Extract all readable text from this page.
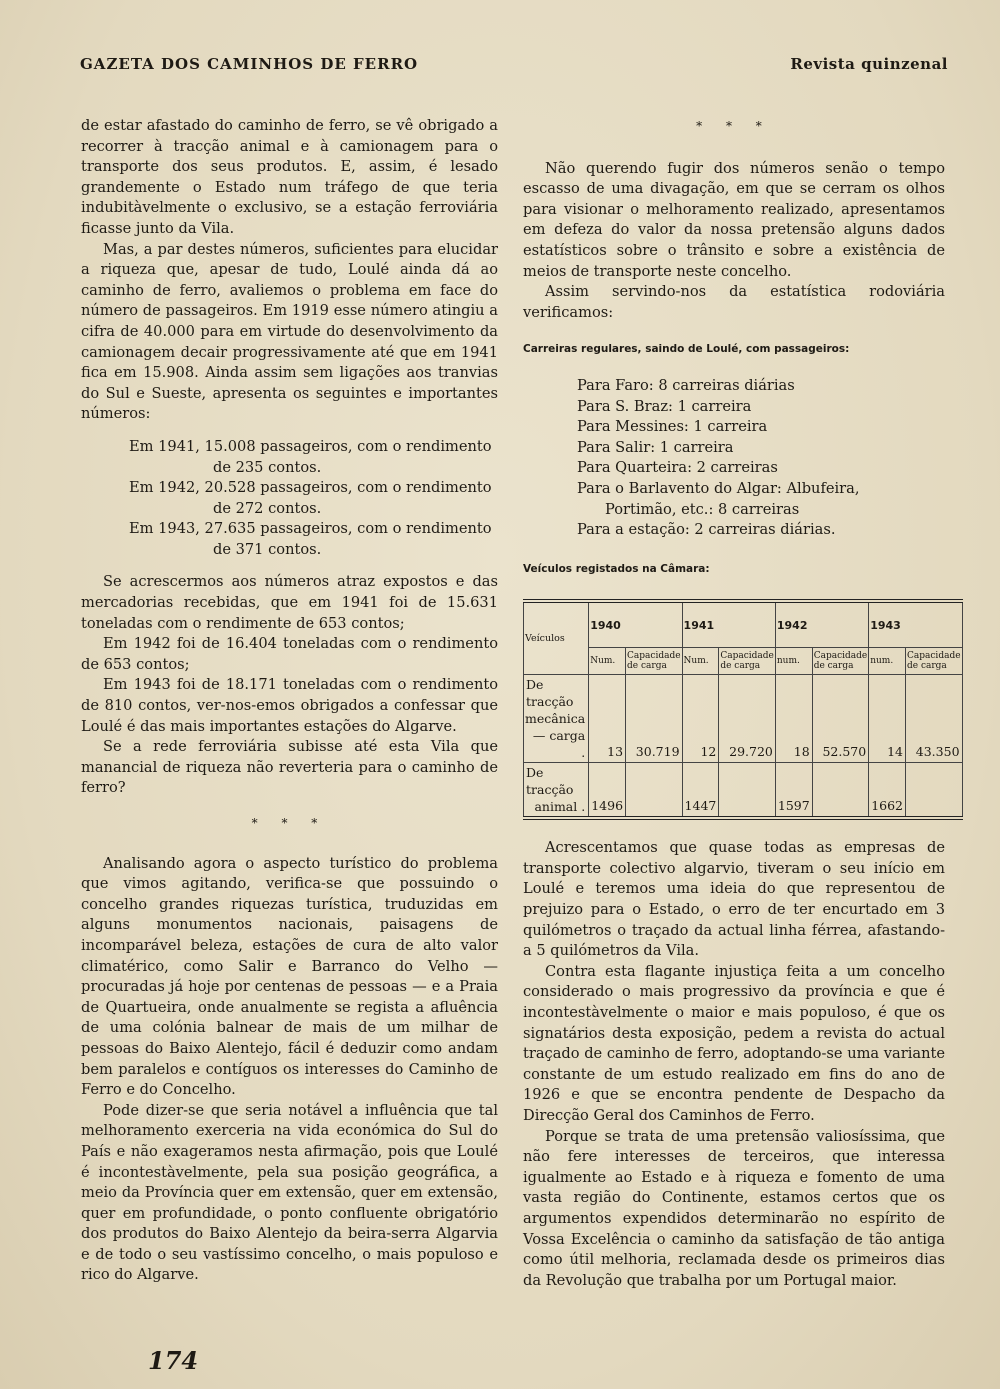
GAZETA DOS CAMINHOS DE FERRO	Revista quinzenal

de estar afastado do caminho de ferro, se vê obrigado a recorrer à tracção animal e à camionagem para o transporte dos seus produtos. E, assim, é lesado grandemente o Estado num tráfego de que teria indubitàvelmente o exclusivo, se a estação ferroviária ficasse junto da Vila.

Mas, a par destes números, suficientes para elucidar a riqueza que, apesar de tudo, Loulé ainda dá ao caminho de ferro, avaliemos o problema em face do número de passageiros. Em 1919 esse número atingiu a cifra de 40.000 para em virtude do desenvolvimento da camionagem decair progressivamente até que em 1941 fica em 15.908. Ainda assim sem ligações aos tranvias do Sul e Sueste, apresenta os seguintes e importantes números:

Em 1941, 15.008 passageiros, com o rendimento
de 235 contos.

Em 1942, 20.528 passageiros, com o rendimento
de 272 contos.

Em 1943, 27.635 passageiros, com o rendimento
de 371 contos.

Se acrescermos aos números atraz expostos e das mercadorias recebidas, que em 1941 foi de 15.631 toneladas com o rendimente de 653 contos;

Em 1942 foi de 16.404 toneladas com o rendimento de 653 contos;

Em 1943 foi de 18.171 toneladas com o rendimento de 810 contos, ver-nos-emos obrigados a confessar que Loulé é das mais importantes estações do Algarve.

Se a rede ferroviária subisse até esta Vila que manancial de riqueza não reverteria para o caminho de ferro?

* * *

Analisando agora o aspecto turístico do problema que vimos agitando, verifica-se que possuindo o concelho grandes riquezas turística, truduzidas em alguns monumentos nacionais, paisagens de incomparável beleza, estações de cura de alto valor climatérico, como Salir e Barranco do Velho — procuradas já hoje por centenas de pessoas — e a Praia de Quartueira, onde anualmente se regista a afluência de uma colónia balnear de mais de um milhar de pessoas do Baixo Alentejo, fácil é deduzir como andam bem paralelos e contíguos os interesses do Caminho de Ferro e do Concelho.

Pode dizer-se que seria notável a influência que tal melhoramento exerceria na vida económica do Sul do País e não exageramos nesta afirmação, pois que Loulé é incontestàvelmente, pela sua posição geográfica, a meio da Província quer em extensão, quer em extensão, quer em profundidade, o ponto confluente obrigatório dos produtos do Baixo Alentejo da beira-serra Algarvia e de todo o seu vastíssimo concelho, o mais populoso e rico do Algarve.

* * *

Não querendo fugir dos números senão o tempo escasso de uma divagação, em que se cerram os olhos para visionar o melhoramento realizado, apresentamos em defeza do valor da nossa pretensão alguns dados estatísticos sobre o trânsito e sobre a existência de meios de transporte neste concelho.

Assim servindo-nos da estatística rodoviária verificamos:

Carreiras regulares, saindo de Loulé, com passageiros:
Para Faro: 8 carreiras diárias
Para S. Braz: 1 carreira
Para Messines: 1 carreira
Para Salir: 1 carreira
Para Quarteira: 2 carreiras
Para o Barlavento do Algar: Albufeira,
Portimão, etc.: 8 carreiras
Para a estação: 2 carreiras diárias.
Veículos registados na Câmara:
Veículos	1940		1941		1942		1943	
	Num.	Capacidade de carga	Num.	Capacidade de carga	num.	Capacidade de carga	num.	Capacidade de carga

De tracção
mecânica
— carga .	13	30.719	12	29.720	18	52.570	14	43.350

De tracção
animal .	1496		1447		1597		1662	

Acrescentamos que quase todas as empresas de transporte colectivo algarvio, tiveram o seu início em Loulé e teremos uma ideia do que representou de prejuizo para o Estado, o erro de ter encurtado em 3 quilómetros o traçado da actual linha férrea, afastando-a 5 quilómetros da Vila.

Contra esta flagante injustiça feita a um concelho considerado o mais progressivo da província e que é incontestàvelmente o maior e mais populoso, é que os signatários desta exposição, pedem a revista do actual traçado de caminho de ferro, adoptando-se uma variante constante de um estudo realizado em fins do ano de 1926 e que se encontra pendente de Despacho da Direcção Geral dos Caminhos de Ferro.

Porque se trata de uma pretensão valiosíssima, que não fere interesses de terceiros, que interessa igualmente ao Estado e à riqueza e fomento de uma vasta região do Continente, estamos certos que os argumentos expendidos determinarão no espírito de Vossa Excelência o caminho da satisfação de tão antiga como útil melhoria, reclamada desde os primeiros dias da Revolução que trabalha por um Portugal maior.

174
